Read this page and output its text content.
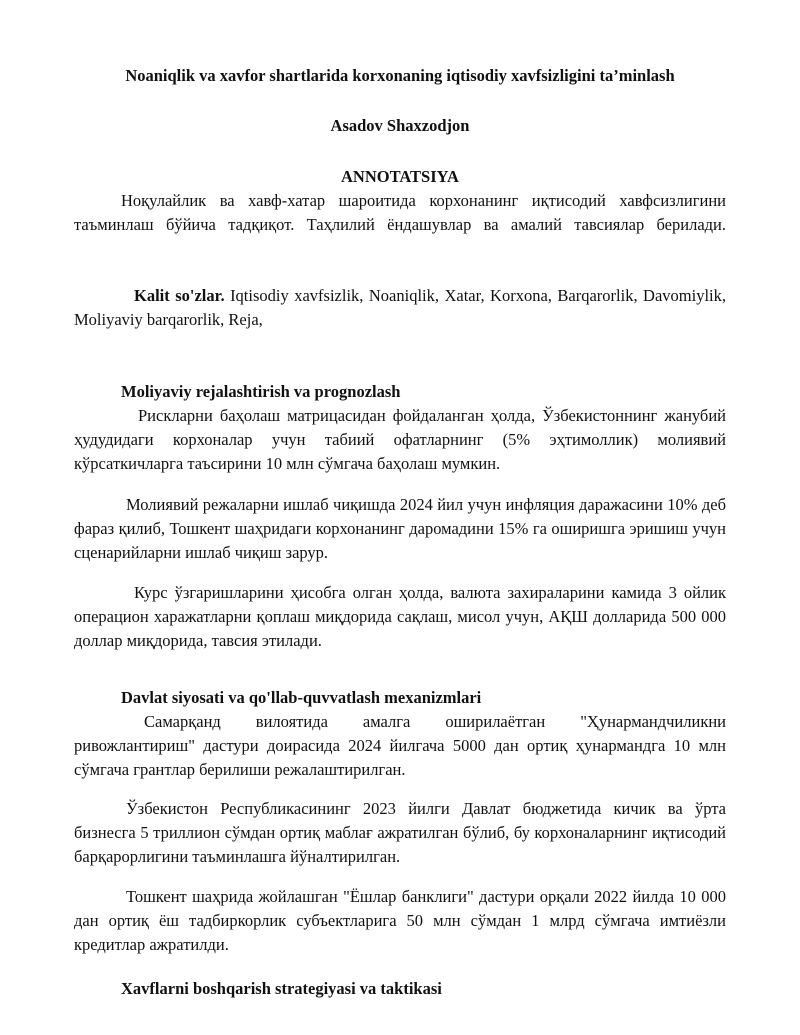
Noaniqlik va xavfor shartlarida korxonaning iqtisodiy xavfsizligini ta’minlash
Asadov Shaxzodjon
ANNOTATSIYA
Ноқулайлик ва хавф-хатар шароитида корхонанинг иқтисодий хавфсизлигини таъминлаш бўйича тадқиқот. Таҳлилий ёндашувлар ва амалий тавсиялар берилади.
Kalit so'zlar. Iqtisodiy xavfsizlik, Noaniqlik, Xatar, Korxona, Barqarorlik, Davomiylik, Moliyaviy barqarorlik, Reja,
Moliyaviy rejalashtirish va prognozlash
Рискларни баҳолаш матрицасидан фойдаланган ҳолда, Ўзбекистоннинг жанубий ҳудудидаги корхоналар учун табиий офатларнинг (5% эҳтимоллик) молиявий кўрсаткичларга таъсирини 10 млн сўмгача баҳолаш мумкин.
Молиявий режаларни ишлаб чиқишда 2024 йил учун инфляция даражасини 10% деб фараз қилиб, Тошкент шаҳридаги корхонанинг даромадини 15% га оширишга эришиш учун сценарийларни ишлаб чиқиш зарур.
Курс ўзгаришларини ҳисобга олган ҳолда, валюта захираларини камида 3 ойлик операцион харажатларни қоплаш миқдорида сақлаш, мисол учун, АҚШ долларида 500 000 доллар миқдорида, тавсия этилади.
Davlat siyosati va qo'llab-quvvatlash mexanizmlari
Самарқанд вилоятида амалга оширилаётган "Ҳунармандчиликни ривожлантириш" дастури доирасида 2024 йилгача 5000 дан ортиқ ҳунармандга 10 млн сўмгача грантлар берилиши режалаштирилган.
Ўзбекистон Республикасининг 2023 йилги Давлат бюджетида кичик ва ўрта бизнесга 5 триллион сўмдан ортиқ маблағ ажратилган бўлиб, бу корхоналарнинг иқтисодий барқарорлигини таъминлашга йўналтирилган.
Тошкент шаҳрида жойлашган "Ёшлар банклиги" дастури орқали 2022 йилда 10 000 дан ортиқ ёш тадбиркорлик субъектларига 50 млн сўмдан 1 млрд сўмгача имтиёзли кредитлар ажратилди.
Xavflarni boshqarish strategiyasi va taktikasi
